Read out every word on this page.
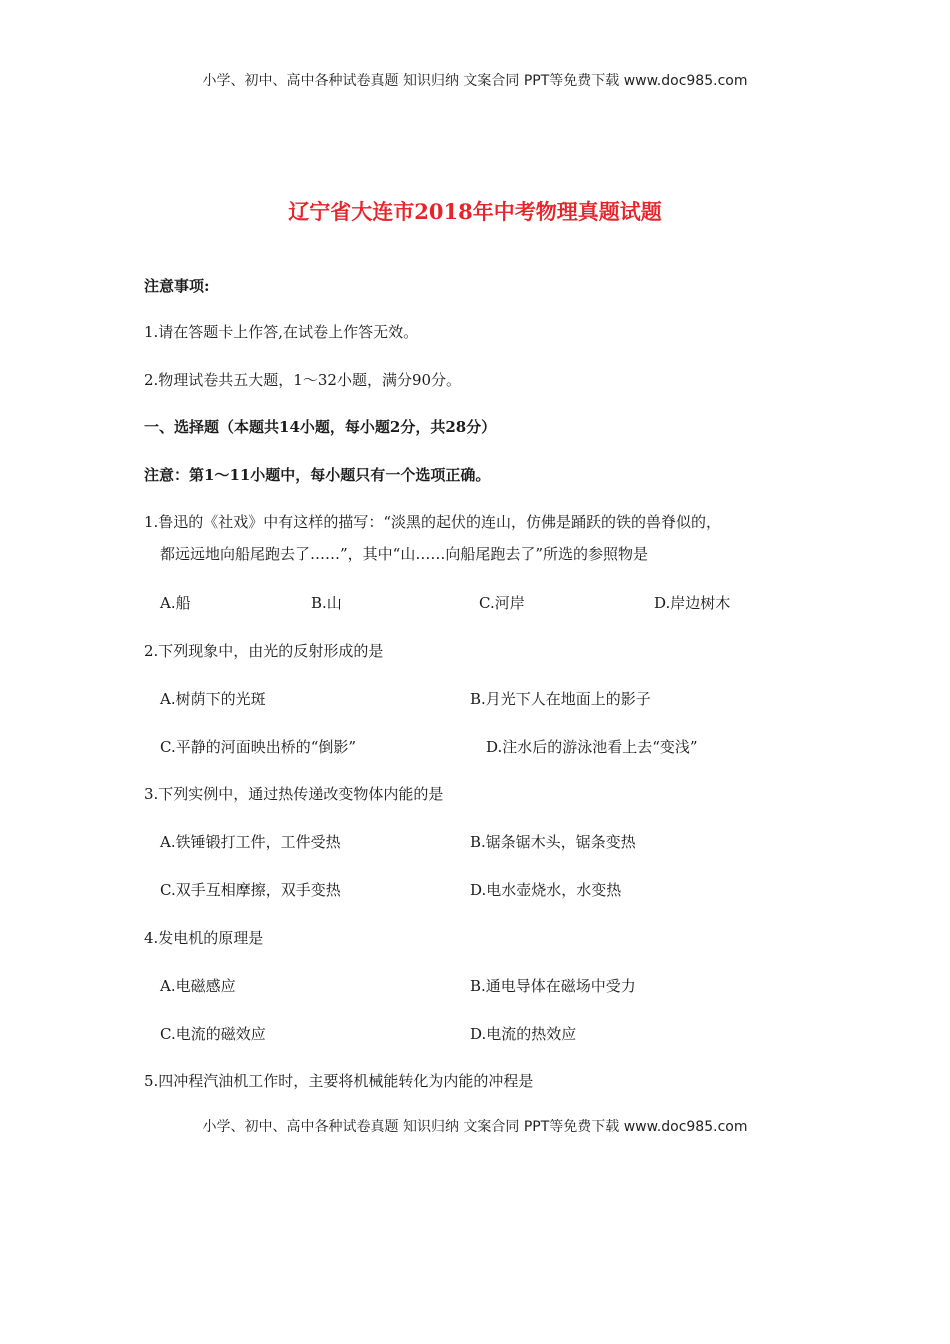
小学、初中、高中各种试卷真题 知识归纳 文案合同 PPT等免费下载 www.doc985.com
辽宁省大连市2018年中考物理真题试题
注意事项:
1.请在答题卡上作答,在试卷上作答无效。
2.物理试卷共五大题，1～32小题，满分90分。
一、选择题（本题共14小题，每小题2分，共28分）
注意：第1～11小题中，每小题只有一个选项正确。
1.鲁迅的《社戏》中有这样的描写：“淡黑的起伏的连山，仿佛是踊跃的铁的兽脊似的，
都远远地向船尾跑去了……”，其中“山……向船尾跑去了”所选的参照物是
A.船	B.山	C.河岸	D.岸边树木
2.下列现象中，由光的反射形成的是
A.树荫下的光斑	B.月光下人在地面上的影子
C.平静的河面映出桥的“倒影”	D.注水后的游泳池看上去“变浅”
3.下列实例中，通过热传递改变物体内能的是
A.铁锤锻打工件，工件受热	B.锯条锯木头，锯条变热
C.双手互相摩擦，双手变热	D.电水壶烧水，水变热
4.发电机的原理是
A.电磁感应	B.通电导体在磁场中受力
C.电流的磁效应	D.电流的热效应
5.四冲程汽油机工作时，主要将机械能转化为内能的冲程是
小学、初中、高中各种试卷真题 知识归纳 文案合同 PPT等免费下载 www.doc985.com
